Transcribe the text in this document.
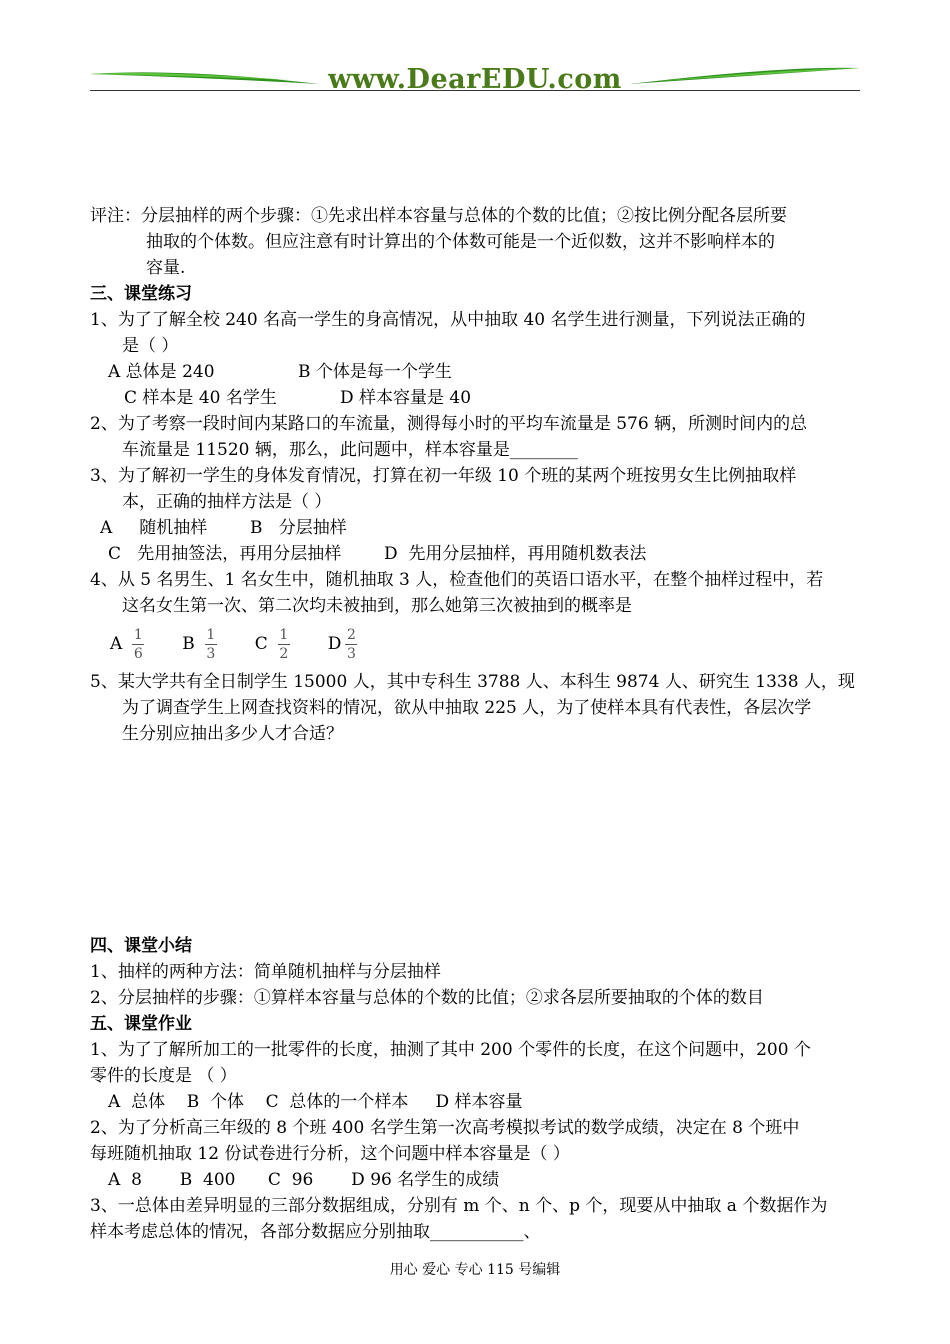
www.DearEDU.com

评注：分层抽样的两个步骤：①先求出样本容量与总体的个数的比值；②按比例分配各层所要

抽取的个体数。但应注意有时计算出的个体数可能是一个近似数，这并不影响样本的

容量.

三、课堂练习

1、为了了解全校 240 名高一学生的身高情况，从中抽取 40 名学生进行测量，下列说法正确的

是（ ）

A 总体是 240	B 个体是每一个学生

C 样本是 40 名学生	D 样本容量是 40

2、为了考察一段时间内某路口的车流量，测得每小时的平均车流量是 576 辆，所测时间内的总

车流量是 11520 辆，那么，此问题中，样本容量是________

3、为了解初一学生的身体发育情况，打算在初一年级 10 个班的某两个班按男女生比例抽取样

本，正确的抽样方法是（ ）

A     随机抽样	B   分层抽样

C   先用抽签法，再用分层抽样	D  先用分层抽样，再用随机数表法

4、从 5 名男生、1 名女生中，随机抽取 3 人，检查他们的英语口语水平，在整个抽样过程中，若

这名女生第一次、第二次均未被抽到，那么她第三次被抽到的概率是

A $\frac{1}{6}$ B $\frac{1}{3}$ C $\frac{1}{2}$ D $\frac{2}{3}$

5、某大学共有全日制学生 15000 人，其中专科生 3788 人、本科生 9874 人、研究生 1338 人，现

为了调查学生上网查找资料的情况，欲从中抽取 225 人，为了使样本具有代表性，各层次学

生分别应抽出多少人才合适？

四、课堂小结

1、抽样的两种方法：简单随机抽样与分层抽样

2、分层抽样的步骤：①算样本容量与总体的个数的比值；②求各层所要抽取的个体的数目

五、课堂作业

1、为了了解所加工的一批零件的长度，抽测了其中 200 个零件的长度，在这个问题中，200 个

零件的长度是 （ ）

A  总体    B  个体    C  总体的一个样本     D 样本容量

2、为了分析高三年级的 8 个班 400 名学生第一次高考模拟考试的数学成绩，决定在 8 个班中

每班随机抽取 12 份试卷进行分析，这个问题中样本容量是（ ）

A  8       B  400      C  96       D 96 名学生的成绩

3、一总体由差异明显的三部分数据组成，分别有 m 个、n 个、p 个，现要从中抽取 a 个数据作为

样本考虑总体的情况，各部分数据应分别抽取___________、

用心 爱心 专心 115 号编辑
